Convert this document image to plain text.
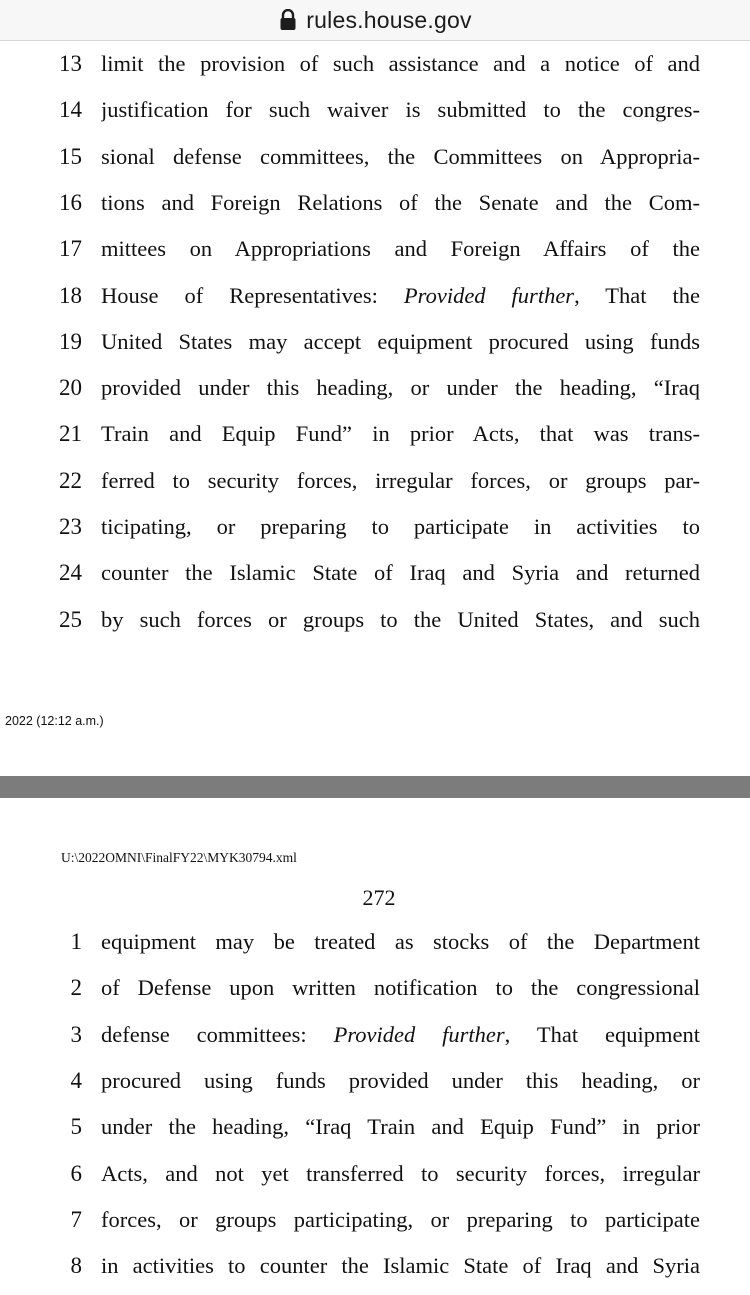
rules.house.gov
13 limit the provision of such assistance and a notice of and
14 justification for such waiver is submitted to the congres-
15 sional defense committees, the Committees on Appropria-
16 tions and Foreign Relations of the Senate and the Com-
17 mittees on Appropriations and Foreign Affairs of the
18 House of Representatives: Provided further, That the
19 United States may accept equipment procured using funds
20 provided under this heading, or under the heading, “Iraq
21 Train and Equip Fund” in prior Acts, that was trans-
22 ferred to security forces, irregular forces, or groups par-
23 ticipating, or preparing to participate in activities to
24 counter the Islamic State of Iraq and Syria and returned
25 by such forces or groups to the United States, and such
2022 (12:12 a.m.)
U:\2022OMNI\FinalFY22\MYK30794.xml
272
1 equipment may be treated as stocks of the Department
2 of Defense upon written notification to the congressional
3 defense committees: Provided further, That equipment
4 procured using funds provided under this heading, or
5 under the heading, “Iraq Train and Equip Fund” in prior
6 Acts, and not yet transferred to security forces, irregular
7 forces, or groups participating, or preparing to participate
8 in activities to counter the Islamic State of Iraq and Syria
